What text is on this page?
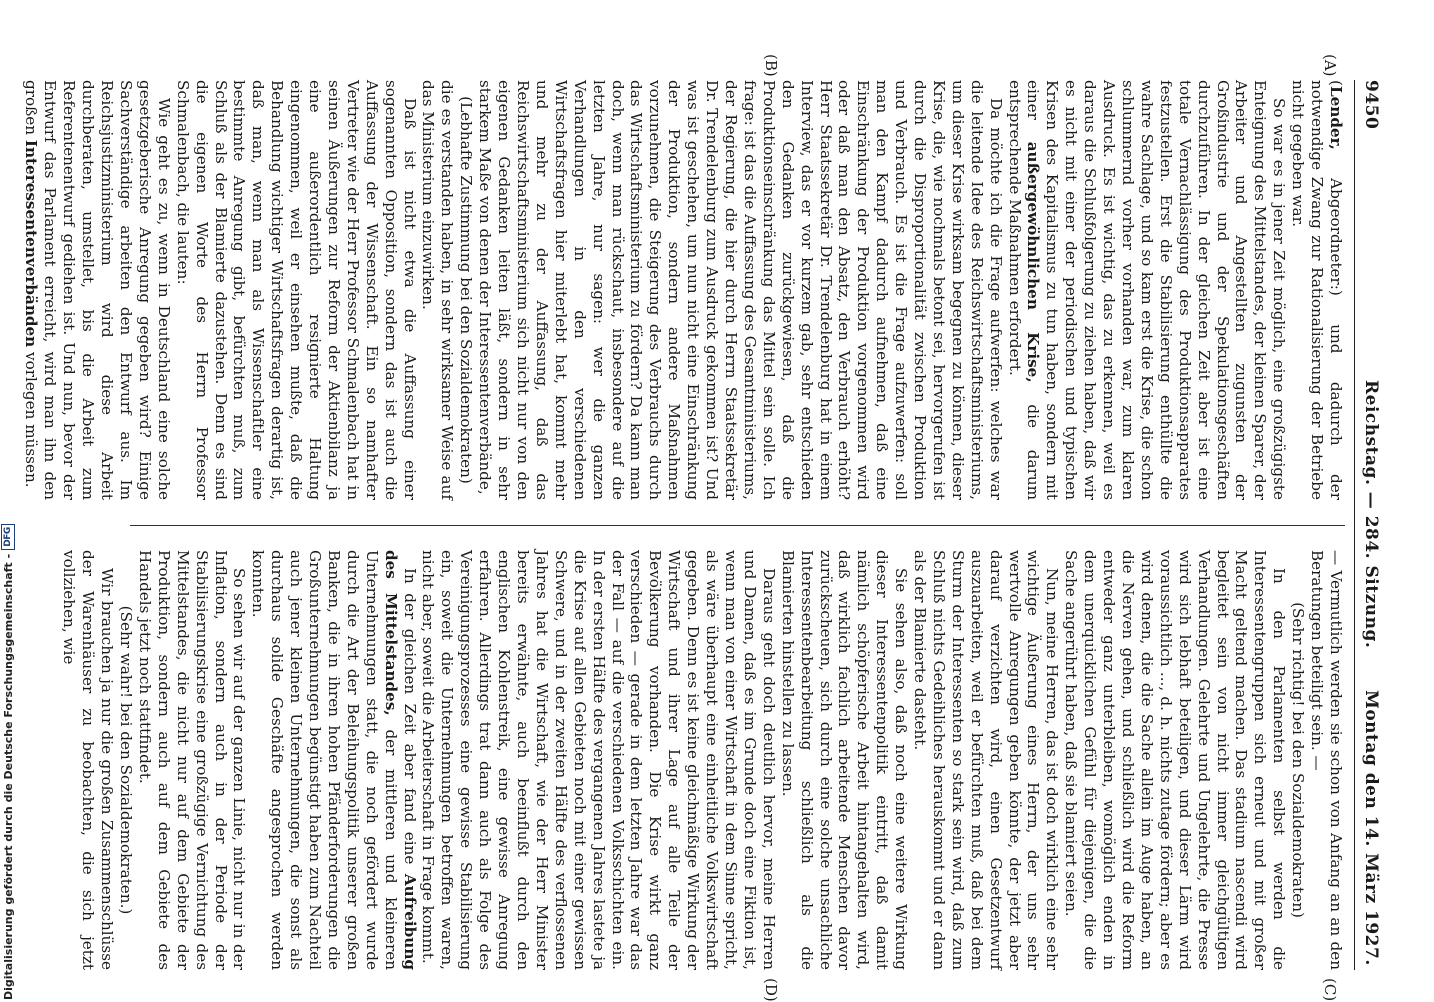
9450
Reichstag. — 284. Sitzung.
Montag den 14. März 1927.
(A)
(B)
(C)
(D)

(Lender, Abgeordneter:) und dadurch der notwendige Zwang zur Rationalisierung der Betriebe nicht gegeben war.

So war es in jener Zeit möglich, eine großzügigste Enteignung des Mittelstandes, der kleinen Sparer, der Arbeiter und Angestellten zugunsten der Großindustrie und der Spekulationsgeschäften durchzuführen. In der gleichen Zeit aber ist eine totale Vernachlässigung des Produktionsapparates festzustellen. Erst die Stabilisierung enthüllte die wahre Sachlage, und so kam erst die Krise, die schon schlummernd vorher vorhanden war, zum klaren Ausdruck. Es ist wichtig, das zu erkennen, weil es daraus die Schlußfolgerung zu ziehen haben, daß wir es nicht mit einer der periodischen und typischen Krisen des Kapitalismus zu tun haben, sondern mit einer außergewöhnlichen Krise, die darum entsprechende Maßnahmen erfordert.

Da möchte ich die Frage aufwerfen: welches war die leitende Idee des Reichswirtschaftsministeriums, um dieser Krise wirksam begegnen zu können, dieser Krise, die, wie nochmals betont sei, hervorgerufen ist durch die Disproportionalität zwischen Produktion und Verbrauch. Es ist die Frage aufzuwerfen: soll man den Kampf dadurch aufnehmen, daß eine Einschränkung der Produktion vorgenommen wird oder daß man den Absatz, den Verbrauch erhöht? Herr Staatssekretär Dr. Trendelenburg hat in einem Interview, das er vor kurzem gab, sehr entschieden den Gedanken zurückgewiesen, daß die Produktionseinschränkung das Mittel sein solle. Ich frage: ist das die Auffassung des Gesamtministeriums, der Regierung, die hier durch Herrn Staatssekretär Dr. Trendelenburg zum Ausdruck gekommen ist? Und was ist geschehen, um nun nicht eine Einschränkung der Produktion, sondern andere Maßnahmen vorzunehmen, die Steigerung des Verbrauchs durch das Wirtschaftsministerium zu fördern? Da kann man doch, wenn man rückschaut, insbesondere auf die letzten Jahre, nur sagen: wer die ganzen Verhandlungen in den verschiedenen Wirtschaftsfragen hier miterlebt hat, kommt mehr und mehr zu der Auffassung, daß das Reichswirtschaftsministerium sich nicht nur von den eigenen Gedanken leiten läßt, sondern in sehr starkem Maße von denen der Interessentenverbände,

(Lebhafte Zustimmung bei den Sozialdemokraten)

die es verstanden haben, in sehr wirksamer Weise auf das Ministerium einzuwirken.

Daß ist nicht etwa die Auffassung einer sogenannten Opposition, sondern das ist auch die Auffassung der Wissenschaft. Ein so namhafter Vertreter wie der Herr Professor Schmalenbach hat in seinen Äußerungen zur Reform der Aktienbilanz ja eine außerordentlich resignierte Haltung eingenommen, weil er einsehen mußte, daß die Behandlung wichtiger Wirtschaftsfragen derartig ist, daß man, wenn man als Wissenschaftler eine bestimmte Anregung gibt, befürchten muß, zum Schluß als der Blamierte dazustehen. Denn es sind die eigenen Worte des Herrn Professor Schmalenbach, die lauten:

Wie geht es zu, wenn in Deutschland eine solche gesetzgeberische Anregung gegeben wird? Einige Sachverständige arbeiten den Entwurf aus. Im Reichsjustizministerium wird diese Arbeit durchberaten, umstellet, bis die Arbeit zum Referentenentwurf gediehen ist. Und nun, bevor der Entwurf das Parlament erreicht, wird man ihn den großen Interessentenverbänden vorlegen müssen.

— Vermutlich werden sie schon von Anfang an an den Beratungen beteiligt sein. —

(Sehr richtig! bei den Sozialdemokraten)

In den Parlamenten selbst werden die Interessentengruppen sich erneut und mit großer Macht geltend machen. Das stadium nascendi wird begleitet sein von nicht immer gleichgültigen Verhandlungen. Gelehrte und Ungelehrte, die Presse wird sich lebhaft beteiligen, und dieser Lärm wird voraussichtlich ..., d. h. nichts zutage fördern; aber es wird denen, die die Sache allein im Auge haben, an die Nerven gehen, und schließlich wird die Reform entweder ganz unterbleiben, womöglich enden in dem unerquicklichen Gefühl für diejenigen, die die Sache angerührt haben, daß sie blamiert seien.

Nun, meine Herren, das ist doch wirklich eine sehr wichtige Äußerung eines Herrn, der uns sehr wertvolle Anregungen geben könnte, der jetzt aber darauf verzichten wird, einen Gesetzentwurf auszuarbeiten, weil er befürchten muß, daß bei dem Sturm der Interessenten so stark sein wird, daß zum Schluß nichts Gedeihliches herauskommt und er dann als der Blamierte dasteht.

Sie sehen also, daß noch eine weitere Wirkung dieser Interessentenpolitik eintritt, daß damit nämlich schöpferische Arbeit hintangehalten wird, daß wirklich fachlich arbeitende Menschen davor zurückscheuen, sich durch eine solche unsachliche Interessentenbearbeitung schließlich als die Blamierten hinstellen zu lassen.

Daraus geht doch deutlich hervor, meine Herren und Damen, daß es im Grunde doch eine Fiktion ist, wenn man von einer Wirtschaft in dem Sinne spricht, als wäre überhaupt eine einheitliche Volkswirtschaft gegeben. Denn es ist keine gleichmäßige Wirkung der Wirtschaft und ihrer Lage auf alle Teile der Bevölkerung vorhanden. Die Krise wirkt ganz verschieden — gerade in dem letzten Jahre war das der Fall — auf die verschiedenen Volksschichten ein. In der ersten Hälfte des vergangenen Jahres lastete ja die Krise auf allen Gebieten noch mit einer gewissen Schwere, und in der zweiten Hälfte des verflossenen Jahres hat die Wirtschaft, wie der Herr Minister bereits erwähnte, auch beeinflußt durch den englischen Kohlenstreik, eine gewisse Anregung erfahren. Allerdings trat dann auch als Folge des Vereinigungsprozesses eine gewisse Stabilisierung ein, soweit die Unternehmungen betroffen waren, nicht aber, soweit die Arbeiterschaft in Frage kommt.

In der gleichen Zeit aber fand eine Aufreibung des Mittelstandes, der mittleren und kleineren Unternehmungen statt, die noch gefördert wurde durch die Art der Beleihungspolitik unserer großen Banken, die in ihren hohen Pfänderforderungen die Großunternehmungen begünstigt haben zum Nachteil auch jener kleinen Unternehmungen, die sonst als durchaus solide Geschäfte angesprochen werden konnten.

So sehen wir auf der ganzen Linie, nicht nur in der Inflation, sondern auch in der Periode der Stabilisierungskrise eine großzügige Vernichtung des Mittelstandes, die nicht nur auf dem Gebiete der Produktion, sondern auch auf dem Gebiete des Handels jetzt noch stattfindet.

(Sehr wahr! bei den Sozialdemokraten.)

Wir brauchen ja nur die großen Zusammenschlüsse der Warenhäuser zu beobachten, die sich jetzt vollziehen, wie

Digitalisierung gefördert durch die Deutsche Forschungsgemeinschaft
-
DFG
